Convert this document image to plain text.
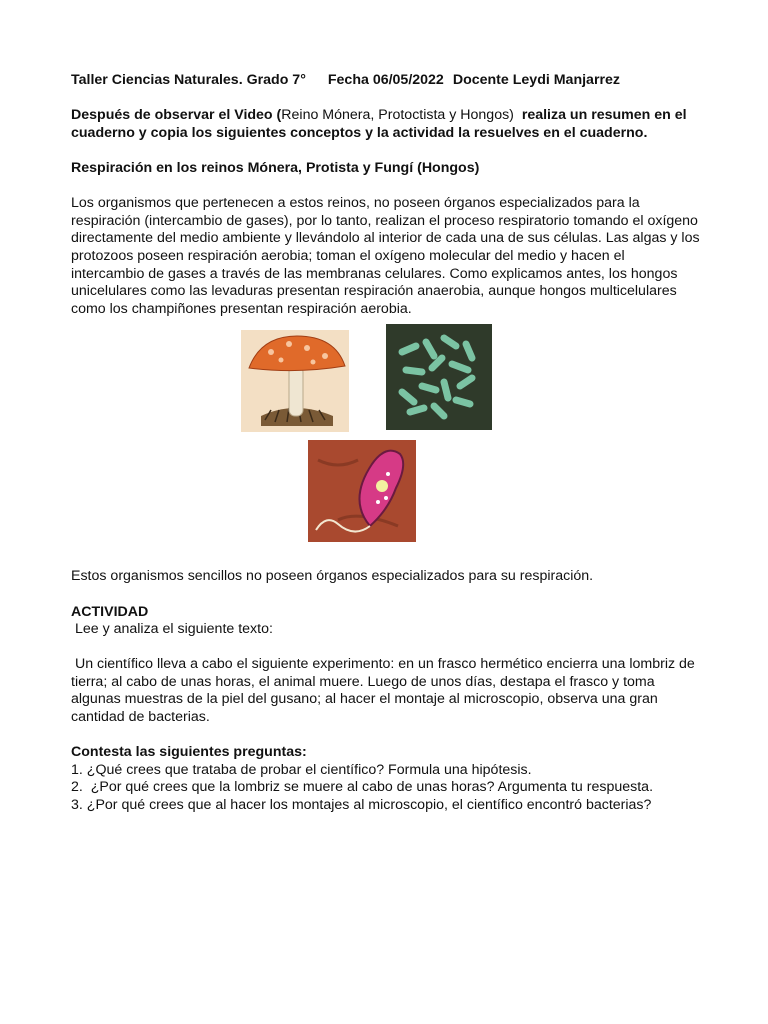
Taller Ciencias Naturales. Grado 7° Fecha 06/05/2022 Docente Leydi Manjarrez

Después de observar el Video (Reino Mónera, Protoctista y Hongos) realiza un resumen en el cuaderno y copia los siguientes conceptos y la actividad la resuelves en el cuaderno.

Respiración en los reinos Mónera, Protista y Fungí (Hongos)

Los organismos que pertenecen a estos reinos, no poseen órganos especializados para la respiración (intercambio de gases), por lo tanto, realizan el proceso respiratorio tomando el oxígeno directamente del medio ambiente y llevándolo al interior de cada una de sus células. Las algas y los protozoos poseen respiración aerobia; toman el oxígeno molecular del medio y hacen el intercambio de gases a través de las membranas celulares. Como explicamos antes, los hongos unicelulares como las levaduras presentan respiración anaerobia, aunque hongos multicelulares como los champiñones presentan respiración aerobia.

Estos organismos sencillos no poseen órganos especializados para su respiración.

ACTIVIDAD

Lee y analiza el siguiente texto:

Un científico lleva a cabo el siguiente experimento: en un frasco hermético encierra una lombriz de tierra; al cabo de unas horas, el animal muere. Luego de unos días, destapa el frasco y toma algunas muestras de la piel del gusano; al hacer el montaje al microscopio, observa una gran cantidad de bacterias.

Contesta las siguientes preguntas:

1. ¿Qué crees que trataba de probar el científico? Formula una hipótesis.

2.  ¿Por qué crees que la lombriz se muere al cabo de unas horas? Argumenta tu respuesta.

3. ¿Por qué crees que al hacer los montajes al microscopio, el científico encontró bacterias?
